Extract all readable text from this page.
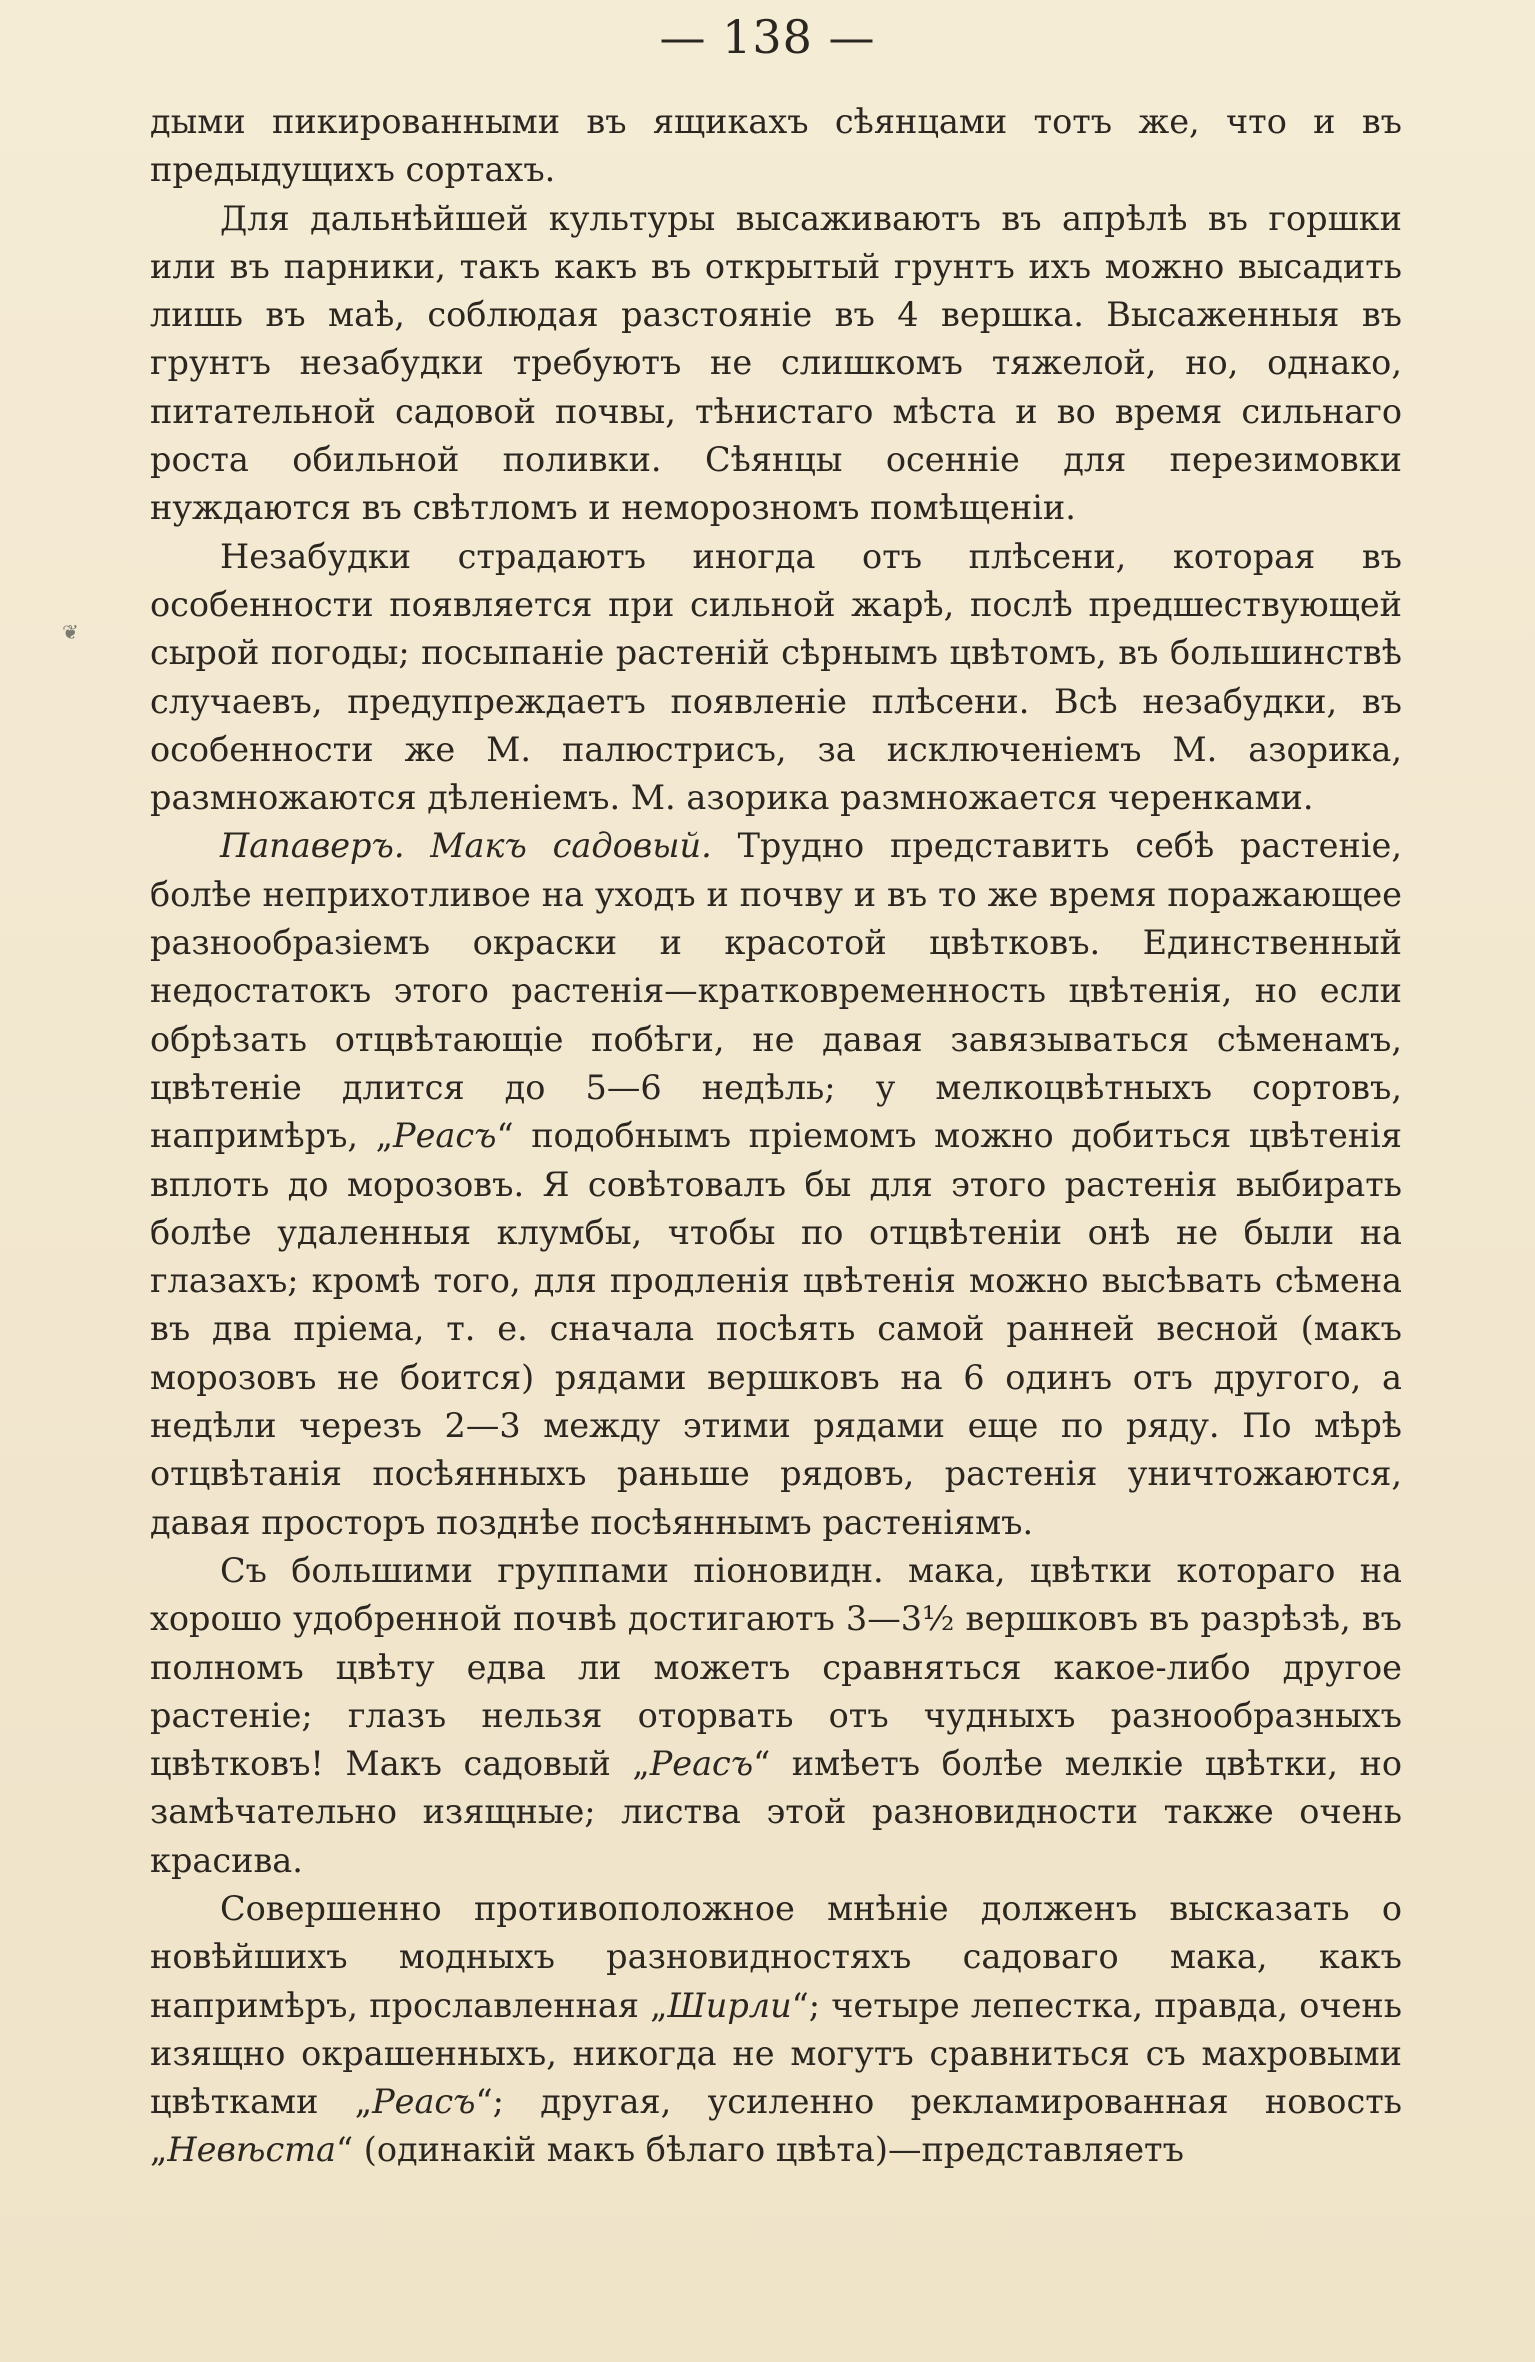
— 138 —
❦

дыми пикированными въ ящикахъ сѣянцами тотъ же, что и въ предыдущихъ сортахъ.

Для дальнѣйшей культуры высаживаютъ въ апрѣлѣ въ горшки или въ парники, такъ какъ въ открытый грунтъ ихъ можно высадить лишь въ маѣ, соблюдая разстояніе въ 4 вершка. Высаженныя въ грунтъ незабудки требуютъ не слишкомъ тяжелой, но, однако, питательной садовой почвы, тѣнистаго мѣста и во время сильнаго роста обильной поливки. Сѣянцы осенніе для перезимовки нуждаются въ свѣтломъ и неморозномъ помѣщеніи.

Незабудки страдаютъ иногда отъ плѣсени, которая въ особенности появляется при сильной жарѣ, послѣ предшествующей сырой погоды; посыпаніе растеній сѣрнымъ цвѣтомъ, въ большинствѣ случаевъ, предупреждаетъ появленіе плѣсени. Всѣ незабудки, въ особенности же М. палюстрисъ, за исключеніемъ М. азорика, размножаются дѣленіемъ. М. азорика размножается черенками.

Папаверъ. Макъ садовый. Трудно представить себѣ растеніе, болѣе неприхотливое на уходъ и почву и въ то же время поражающее разнообразіемъ окраски и красотой цвѣтковъ. Единственный недостатокъ этого растенія—кратковременность цвѣтенія, но если обрѣзать отцвѣтающіе побѣги, не давая завязываться сѣменамъ, цвѣтеніе длится до 5—6 недѣль; у мелкоцвѣтныхъ сортовъ, напримѣръ, „Реасъ“ подобнымъ пріемомъ можно добиться цвѣтенія вплоть до морозовъ. Я совѣтовалъ бы для этого растенія выбирать болѣе удаленныя клумбы, чтобы по отцвѣтеніи онѣ не были на глазахъ; кромѣ того, для продленія цвѣтенія можно высѣвать сѣмена въ два пріема, т. е. сначала посѣять самой ранней весной (макъ морозовъ не боится) рядами вершковъ на 6 одинъ отъ другого, а недѣли черезъ 2—3 между этими рядами еще по ряду. По мѣрѣ отцвѣтанія посѣянныхъ раньше рядовъ, растенія уничтожаются, давая просторъ позднѣе посѣяннымъ растеніямъ.

Съ большими группами піоновидн. мака, цвѣтки котораго на хорошо удобренной почвѣ достигаютъ 3—3½ вершковъ въ разрѣзѣ, въ полномъ цвѣту едва ли можетъ сравняться какое-либо другое растеніе; глазъ нельзя оторвать отъ чудныхъ разнообразныхъ цвѣтковъ! Макъ садовый „Реасъ“ имѣетъ болѣе мелкіе цвѣтки, но замѣчательно изящные; листва этой разновидности также очень красива.

Совершенно противоположное мнѣніе долженъ высказать о новѣйшихъ модныхъ разновидностяхъ садоваго мака, какъ напримѣръ, прославленная „Ширли“; четыре лепестка, правда, очень изящно окрашенныхъ, никогда не могутъ сравниться съ махровыми цвѣтками „Реасъ“; другая, усиленно рекламированная новость „Невѣста“ (одинакій макъ бѣлаго цвѣта)—представляетъ
